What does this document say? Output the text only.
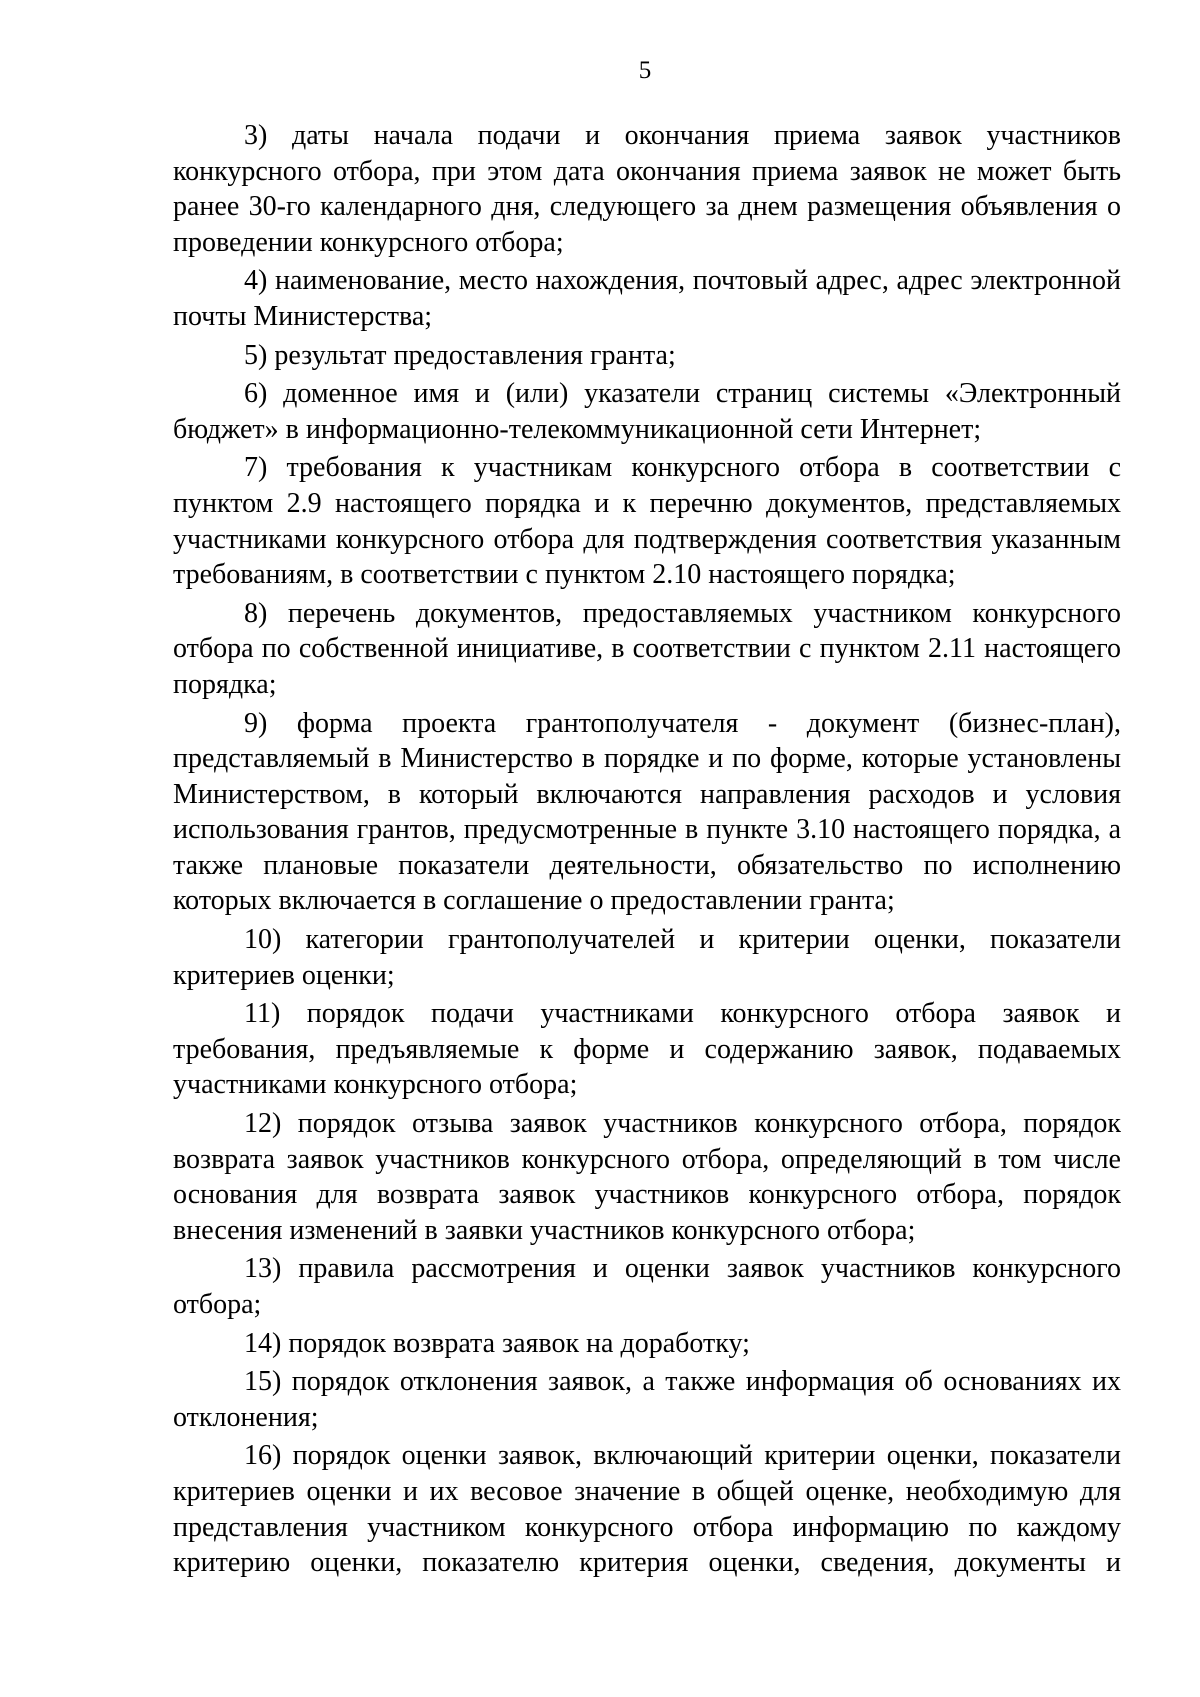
5

3) даты начала подачи и окончания приема заявок участников конкурсного отбора, при этом дата окончания приема заявок не может быть ранее 30-го календарного дня, следующего за днем размещения объявления о проведении конкурсного отбора;

4) наименование, место нахождения, почтовый адрес, адрес электронной почты Министерства;

5) результат предоставления гранта;

6) доменное имя и (или) указатели страниц системы «Электронный бюджет» в информационно-телекоммуникационной сети Интернет;

7) требования к участникам конкурсного отбора в соответствии с пунктом 2.9 настоящего порядка и к перечню документов, представляемых участниками конкурсного отбора для подтверждения соответствия указанным требованиям, в соответствии с пунктом 2.10 настоящего порядка;

8) перечень документов, предоставляемых участником конкурсного отбора по собственной инициативе, в соответствии с пунктом 2.11 настоящего порядка;

9) форма проекта грантополучателя - документ (бизнес-план), представляемый в Министерство в порядке и по форме, которые установлены Министерством, в который включаются направления расходов и условия использования грантов, предусмотренные в пункте 3.10 настоящего порядка, а также плановые показатели деятельности, обязательство по исполнению которых включается в соглашение о предоставлении гранта;

10) категории грантополучателей и критерии оценки, показатели критериев оценки;

11) порядок подачи участниками конкурсного отбора заявок и требования, предъявляемые к форме и содержанию заявок, подаваемых участниками конкурсного отбора;

12) порядок отзыва заявок участников конкурсного отбора, порядок возврата заявок участников конкурсного отбора, определяющий в том числе основания для возврата заявок участников конкурсного отбора, порядок внесения изменений в заявки участников конкурсного отбора;

13) правила рассмотрения и оценки заявок участников конкурсного отбора;

14) порядок возврата заявок на доработку;

15) порядок отклонения заявок, а также информация об основаниях их отклонения;

16) порядок оценки заявок, включающий критерии оценки, показатели критериев оценки и их весовое значение в общей оценке, необходимую для представления участником конкурсного отбора информацию по каждому критерию оценки, показателю критерия оценки, сведения, документы и
